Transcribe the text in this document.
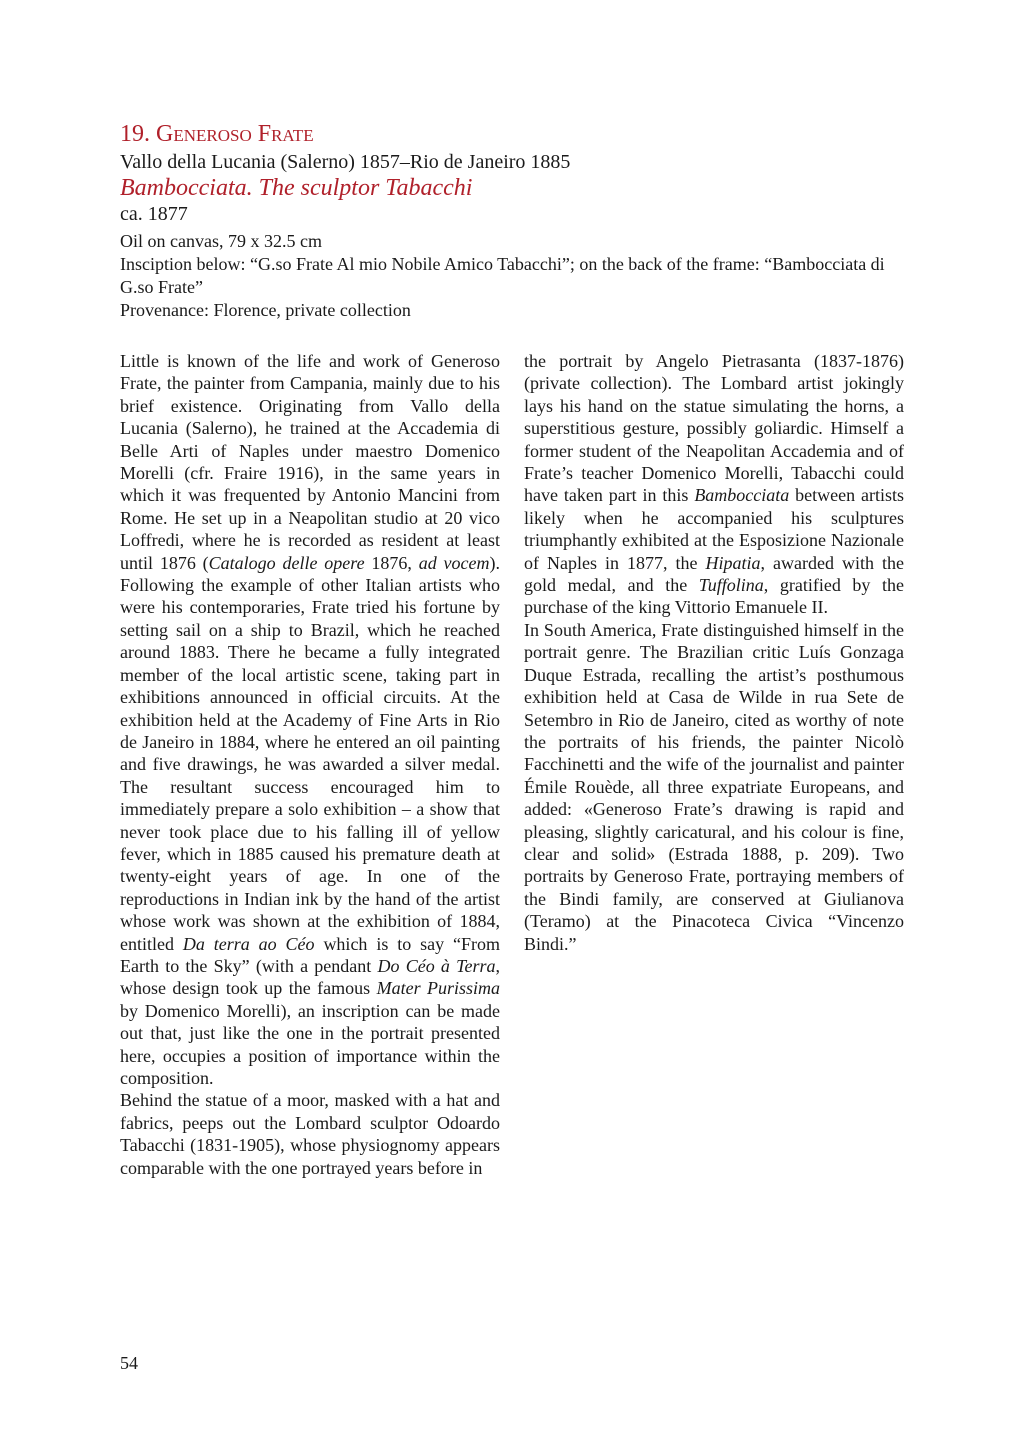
19. Generoso Frate

Vallo della Lucania (Salerno) 1857–Rio de Janeiro 1885

Bambocciata. The sculptor Tabacchi

ca. 1877

Oil on canvas, 79 x 32.5 cm

Insciption below: “G.so Frate Al mio Nobile Amico Tabacchi”; on the back of the frame: “Bambocciata di G.so Frate”

Provenance: Florence, private collection

Little is known of the life and work of Generoso Frate, the painter from Campania, mainly due to his brief existence. Originating from Vallo della Lucania (Salerno), he trained at the Accademia di Belle Arti of Naples under maestro Domenico Morelli (cfr. Fraire 1916), in the same years in which it was frequented by Antonio Mancini from Rome. He set up in a Neapolitan studio at 20 vico Loffredi, where he is recorded as resident at least until 1876 (Catalogo delle opere 1876, ad vocem). Following the example of other Italian artists who were his contemporaries, Frate tried his fortune by setting sail on a ship to Brazil, which he reached around 1883. There he became a fully integrated member of the local artistic scene, taking part in exhibitions announced in official circuits. At the exhibition held at the Academy of Fine Arts in Rio de Janeiro in 1884, where he entered an oil painting and five drawings, he was awarded a silver medal. The resultant success encouraged him to immediately prepare a solo exhibition – a show that never took place due to his falling ill of yellow fever, which in 1885 caused his premature death at twenty-eight years of age. In one of the reproductions in Indian ink by the hand of the artist whose work was shown at the exhibition of 1884, entitled Da terra ao Céo which is to say “From Earth to the Sky” (with a pendant Do Céo à Terra, whose design took up the famous Mater Purissima by Domenico Morelli), an inscription can be made out that, just like the one in the portrait presented here, occupies a position of importance within the composition.

Behind the statue of a moor, masked with a hat and fabrics, peeps out the Lombard sculptor Odoardo Tabacchi (1831-1905), whose physiognomy appears comparable with the one portrayed years before in

the portrait by Angelo Pietrasanta (1837-1876) (private collection). The Lombard artist jokingly lays his hand on the statue simulating the horns, a superstitious gesture, possibly goliardic. Himself a former student of the Neapolitan Accademia and of Frate’s teacher Domenico Morelli, Tabacchi could have taken part in this Bambocciata between artists likely when he accompanied his sculptures triumphantly exhibited at the Esposizione Nazionale of Naples in 1877, the Hipatia, awarded with the gold medal, and the Tuffolina, gratified by the purchase of the king Vittorio Emanuele II.

In South America, Frate distinguished himself in the portrait genre. The Brazilian critic Luís Gonzaga Duque Estrada, recalling the artist’s posthumous exhibition held at Casa de Wilde in rua Sete de Setembro in Rio de Janeiro, cited as worthy of note the portraits of his friends, the painter Nicolò Facchinetti and the wife of the journalist and painter Émile Rouède, all three expatriate Europeans, and added: «Generoso Frate’s drawing is rapid and pleasing, slightly caricatural, and his colour is fine, clear and solid» (Estrada 1888, p. 209). Two portraits by Generoso Frate, portraying members of the Bindi family, are conserved at Giulianova (Teramo) at the Pinacoteca Civica “Vincenzo Bindi.”

54
